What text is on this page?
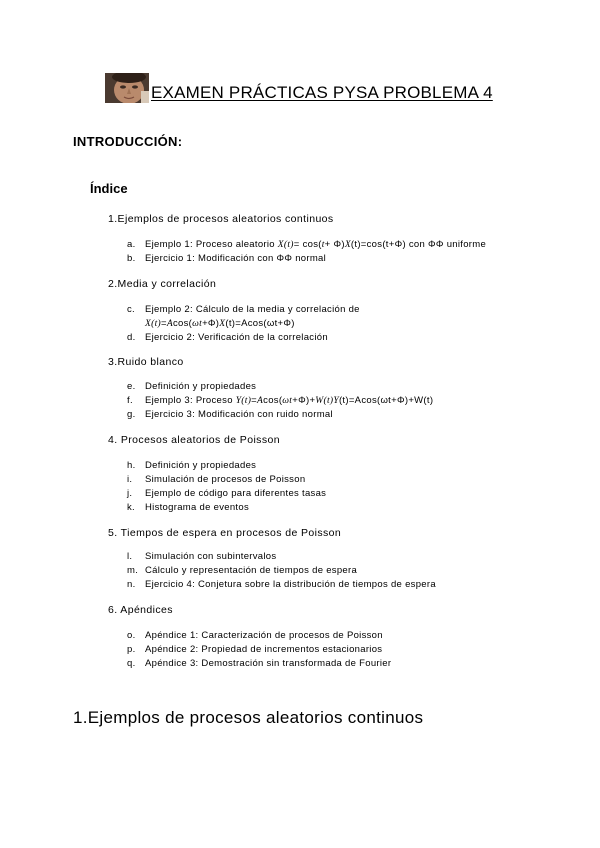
EXAMEN PRÁCTICAS PYSA PROBLEMA 4
INTRODUCCIÓN:
Índice
1.Ejemplos de procesos aleatorios continuos
a. Ejemplo 1: Proceso aleatorio X(t)= cos(t+ Φ)X(t)=cos(t+Φ) con ΦΦ uniforme
b. Ejercicio 1: Modificación con ΦΦ normal
2.Media y correlación
c.	Ejemplo 2: Cálculo de la media y correlación de
X(t)=Acos(ωt+Φ)X(t)=Acos(ωt+Φ)
d. Ejercicio 2: Verificación de la correlación
3.Ruido blanco
e. Definición y propiedades
f.	Ejemplo 3: Proceso Y(t)=Acos(ωt+Φ)+W(t)Y(t)=Acos(ωt+Φ)+W(t)
g. Ejercicio 3: Modificación con ruido normal
4. Procesos aleatorios de Poisson
h. Definición y propiedades
i.	Simulación de procesos de Poisson
j.	Ejemplo de código para diferentes tasas
k.	Histograma de eventos
5. Tiempos de espera en procesos de Poisson
l.	Simulación con subintervalos
m. Cálculo y representación de tiempos de espera
n. Ejercicio 4: Conjetura sobre la distribución de tiempos de espera
6. Apéndices
o. Apéndice 1: Caracterización de procesos de Poisson
p. Apéndice 2: Propiedad de incrementos estacionarios
q. Apéndice 3: Demostración sin transformada de Fourier
1.Ejemplos de procesos aleatorios continuos
